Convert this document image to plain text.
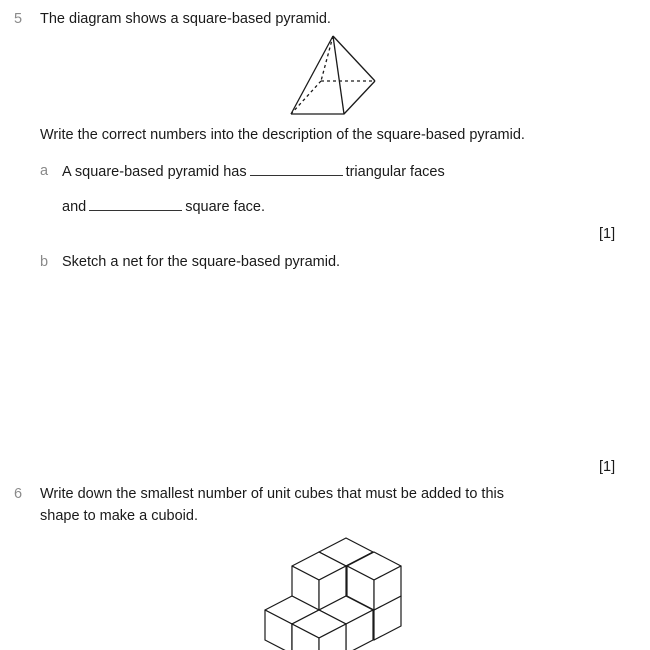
5 The diagram shows a square-based pyramid.
Write the correct numbers into the description of the square-based pyramid.
a A square-based pyramid has	triangular faces
and	square face.
[1]
b Sketch a net for the square-based pyramid.
[1]
6 Write down the smallest number of unit cubes that must be added to this
shape to make a cuboid.
